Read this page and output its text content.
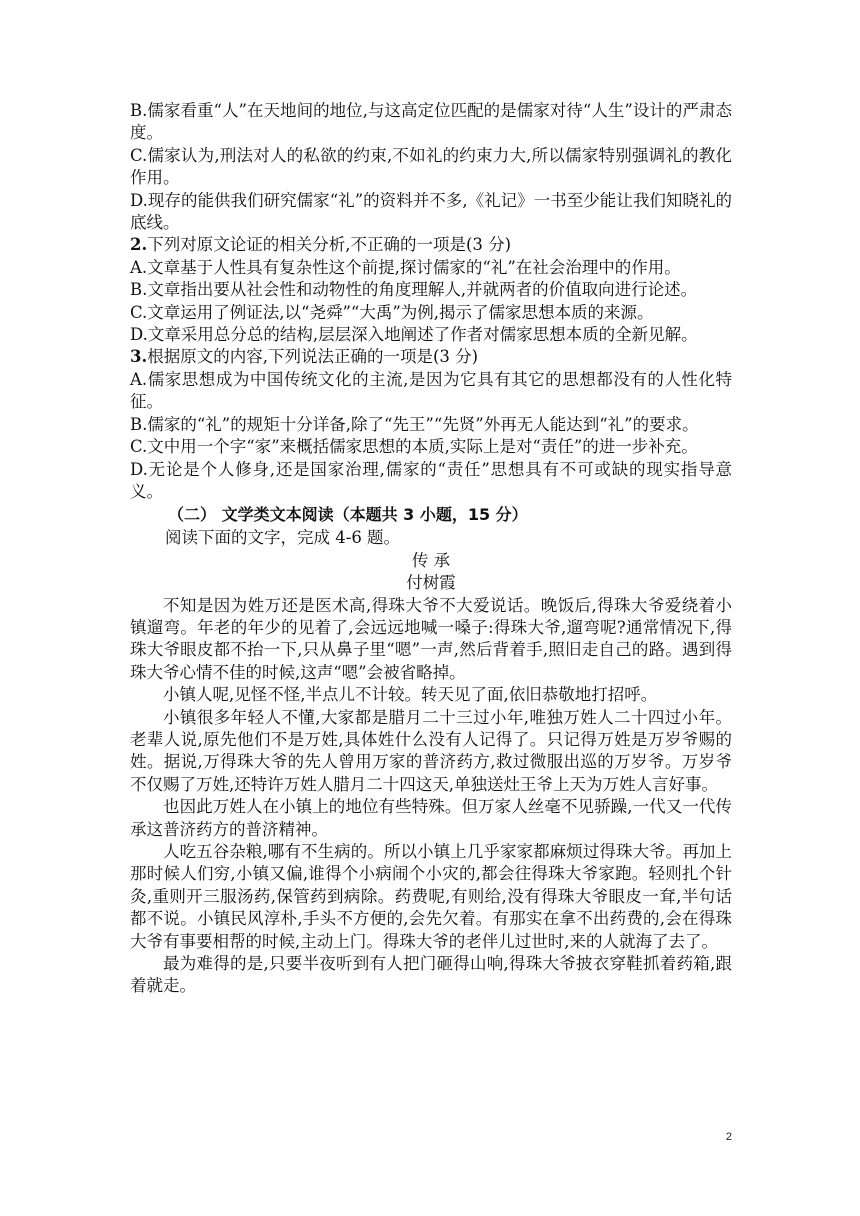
B.儒家看重“人”在天地间的地位,与这高定位匹配的是儒家对待“人生”设计的严肃态度。

C.儒家认为,刑法对人的私欲的约束,不如礼的约束力大,所以儒家特别强调礼的教化作用。

D.现存的能供我们研究儒家“礼”的资料并不多,《礼记》一书至少能让我们知晓礼的底线。

2.下列对原文论证的相关分析,不正确的一项是(3 分)

A.文章基于人性具有复杂性这个前提,探讨儒家的“礼”在社会治理中的作用。

B.文章指出要从社会性和动物性的角度理解人,并就两者的价值取向进行论述。

C.文章运用了例证法,以“尧舜”“大禹”为例,揭示了儒家思想本质的来源。

D.文章采用总分总的结构,层层深入地阐述了作者对儒家思想本质的全新见解。

3.根据原文的内容,下列说法正确的一项是(3 分)

A.儒家思想成为中国传统文化的主流,是因为它具有其它的思想都没有的人性化特征。

B.儒家的“礼”的规矩十分详备,除了“先王”“先贤”外再无人能达到“礼”的要求。

C.文中用一个字“家”来概括儒家思想的本质,实际上是对“责任”的进一步补充。

D.无论是个人修身,还是国家治理,儒家的“责任”思想具有不可或缺的现实指导意义。

（二） 文学类文本阅读（本题共 3 小题，15 分）

阅读下面的文字，完成 4-6 题。

传 承

付树霞

不知是因为姓万还是医术高,得珠大爷不大爱说话。晚饭后,得珠大爷爱绕着小镇遛弯。年老的年少的见着了,会远远地喊一嗓子:得珠大爷,遛弯呢?通常情况下,得珠大爷眼皮都不抬一下,只从鼻子里“嗯”一声,然后背着手,照旧走自己的路。遇到得珠大爷心情不佳的时候,这声“嗯”会被省略掉。

小镇人呢,见怪不怪,半点儿不计较。转天见了面,依旧恭敬地打招呼。

小镇很多年轻人不懂,大家都是腊月二十三过小年,唯独万姓人二十四过小年。老辈人说,原先他们不是万姓,具体姓什么没有人记得了。只记得万姓是万岁爷赐的姓。据说,万得珠大爷的先人曾用万家的普济药方,救过微服出巡的万岁爷。万岁爷不仅赐了万姓,还特许万姓人腊月二十四这天,单独送灶王爷上天为万姓人言好事。

也因此万姓人在小镇上的地位有些特殊。但万家人丝毫不见骄躁,一代又一代传承这普济药方的普济精神。

人吃五谷杂粮,哪有不生病的。所以小镇上几乎家家都麻烦过得珠大爷。再加上那时候人们穷,小镇又偏,谁得个小病闹个小灾的,都会往得珠大爷家跑。轻则扎个针灸,重则开三服汤药,保管药到病除。药费呢,有则给,没有得珠大爷眼皮一耷,半句话都不说。小镇民风淳朴,手头不方便的,会先欠着。有那实在拿不出药费的,会在得珠大爷有事要相帮的时候,主动上门。得珠大爷的老伴儿过世时,来的人就海了去了。

最为难得的是,只要半夜听到有人把门砸得山响,得珠大爷披衣穿鞋抓着药箱,跟着就走。

2
